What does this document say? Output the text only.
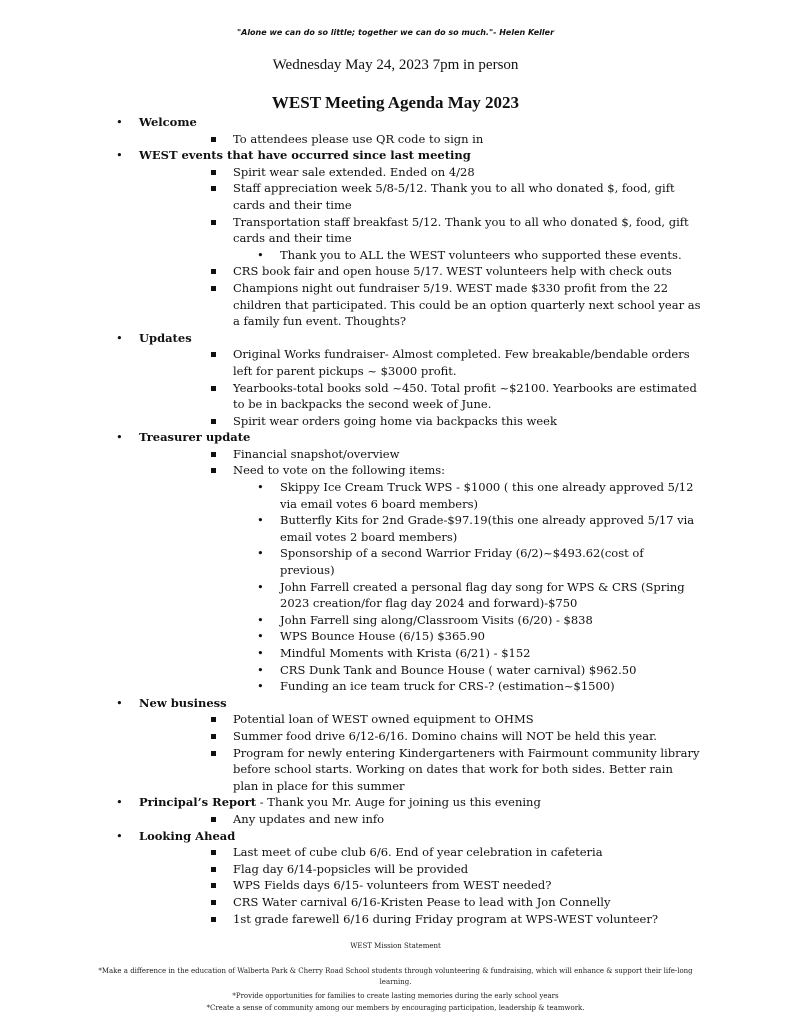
"Alone we can do so little; together we can do so much."- Helen Keller
Wednesday May 24, 2023 7pm in person
WEST Meeting Agenda May 2023
• Welcome
To attendees please use QR code to sign in
• WEST events that have occurred since last meeting
Spirit wear sale extended. Ended on 4/28
Staff appreciation week 5/8-5/12. Thank you to all who donated $, food, gift cards and their time
Transportation staff breakfast 5/12. Thank you to all who donated $, food, gift cards and their time
• Thank you to ALL the WEST volunteers who supported these events.
CRS book fair and open house 5/17. WEST volunteers help with check outs
Champions night out fundraiser 5/19. WEST made $330 profit from the 22 children that participated. This could be an option quarterly next school year as a family fun event. Thoughts?
• Updates
Original Works fundraiser- Almost completed. Few breakable/bendable orders left for parent pickups ~ $3000 profit.
Yearbooks-total books sold ~450. Total profit ~$2100. Yearbooks are estimated to be in backpacks the second week of June.
Spirit wear orders going home via backpacks this week
• Treasurer update
Financial snapshot/overview
Need to vote on the following items:
• Skippy Ice Cream Truck WPS - $1000 ( this one already approved 5/12 via email votes 6 board members)
• Butterfly Kits for 2nd Grade-$97.19(this one already approved 5/17 via email votes 2 board members)
• Sponsorship of a second Warrior Friday (6/2)~$493.62(cost of previous)
• John Farrell created a personal flag day song for WPS & CRS (Spring 2023 creation/for flag day 2024 and forward)-$750
• John Farrell sing along/Classroom Visits (6/20) - $838
• WPS Bounce House (6/15) $365.90
• Mindful Moments with Krista (6/21) - $152
• CRS Dunk Tank and Bounce House ( water carnival) $962.50
• Funding an ice team truck for CRS-? (estimation~$1500)
• New business
Potential loan of WEST owned equipment to OHMS
Summer food drive 6/12-6/16. Domino chains will NOT be held this year.
Program for newly entering Kindergarteners with Fairmount community library before school starts. Working on dates that work for both sides. Better rain plan in place for this summer
• Principal’s Report - Thank you Mr. Auge for joining us this evening
Any updates and new info
• Looking Ahead
Last meet of cube club 6/6. End of year celebration in cafeteria
Flag day 6/14-popsicles will be provided
WPS Fields days 6/15- volunteers from WEST needed?
CRS Water carnival 6/16-Kristen Pease to lead with Jon Connelly
1st grade farewell 6/16 during Friday program at WPS-WEST volunteer?
WEST Mission Statement
*Make a difference in the education of Walberta Park & Cherry Road School students through volunteering & fundraising, which will enhance & support their life-long learning.
*Provide opportunities for families to create lasting memories during the early school years
*Create a sense of community among our members by encouraging participation, leadership & teamwork.
